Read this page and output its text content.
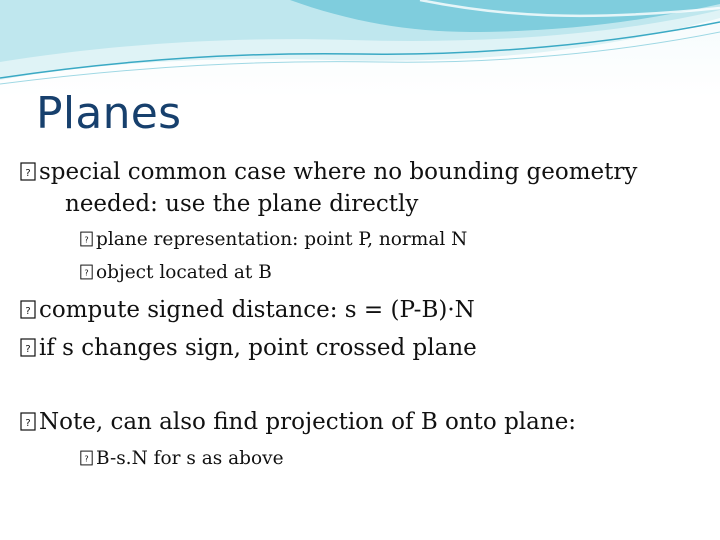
Planes
? special common case where no bounding geometry
needed: use the plane directly
? plane representation: point P, normal N
? object located at B
? compute signed distance: s = (P-B)·N
? if s changes sign, point crossed plane
? Note, can also find projection of B onto plane:
? B-s.N for s as above
